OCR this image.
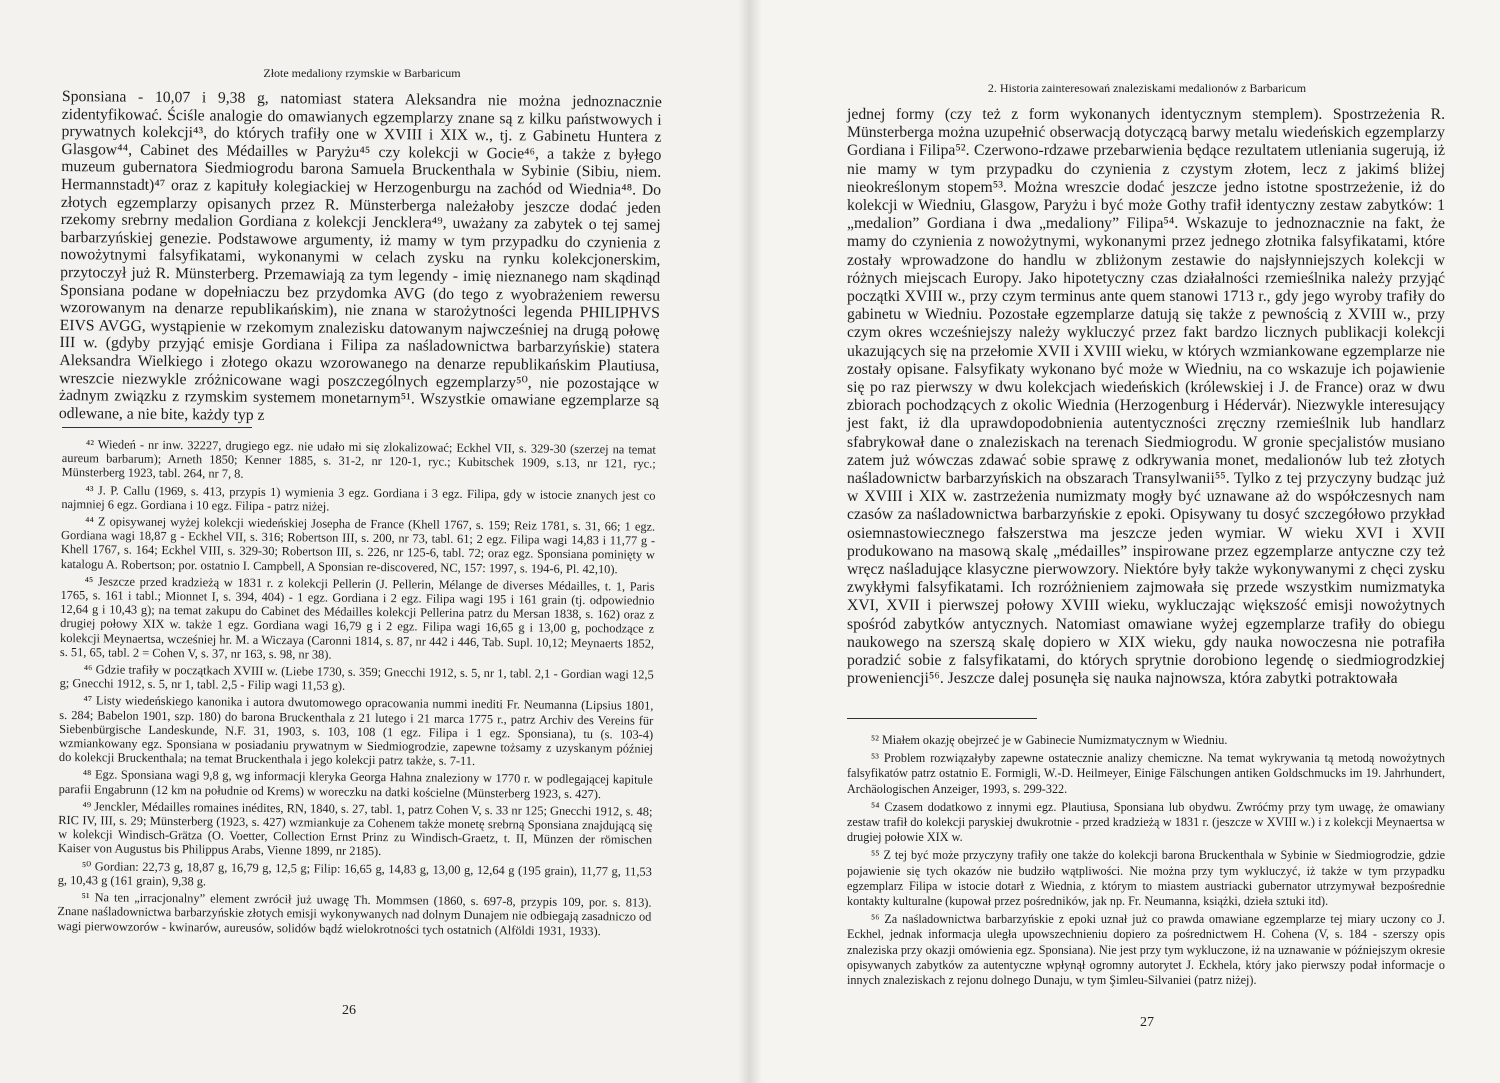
Złote medaliony rzymskie w Barbaricum

Sponsiana - 10,07 i 9,38 g, natomiast statera Aleksandra nie można jednoznacznie zidentyfikować. Ściśle analogie do omawianych egzemplarzy znane są z kilku państwowych i prywatnych kolekcji⁴³, do których trafiły one w XVIII i XIX w., tj. z Gabinetu Huntera z Glasgow⁴⁴, Cabinet des Médailles w Paryżu⁴⁵ czy kolekcji w Gocie⁴⁶, a także z byłego muzeum gubernatora Siedmiogrodu barona Samuela Bruckenthala w Sybinie (Sibiu, niem. Hermannstadt)⁴⁷ oraz z kapituły kolegiackiej w Herzogenburgu na zachód od Wiednia⁴⁸. Do złotych egzemplarzy opisanych przez R. Münsterberga należałoby jeszcze dodać jeden rzekomy srebrny medalion Gordiana z kolekcji Jencklera⁴⁹, uważany za zabytek o tej samej barbarzyńskiej genezie. Podstawowe argumenty, iż mamy w tym przypadku do czynienia z nowożytnymi falsyfikatami, wykonanymi w celach zysku na rynku kolekcjonerskim, przytoczył już R. Münsterberg. Przemawiają za tym legendy - imię nieznanego nam skądinąd Sponsiana podane w dopełniaczu bez przydomka AVG (do tego z wyobrażeniem rewersu wzorowanym na denarze republikańskim), nie znana w starożytności legenda PHILIPHVS EIVS AVGG, wystąpienie w rzekomym znalezisku datowanym najwcześniej na drugą połowę III w. (gdyby przyjąć emisje Gordiana i Filipa za naśladownictwa barbarzyńskie) statera Aleksandra Wielkiego i złotego okazu wzorowanego na denarze republikańskim Plautiusa, wreszcie niezwykle zróżnicowane wagi poszczególnych egzemplarzy⁵⁰, nie pozostające w żadnym związku z rzymskim systemem monetarnym⁵¹. Wszystkie omawiane egzemplarze są odlewane, a nie bite, każdy typ z

⁴² Wiedeń - nr inw. 32227, drugiego egz. nie udało mi się zlokalizować; Eckhel VII, s. 329-30 (szerzej na temat aureum barbarum); Arneth 1850; Kenner 1885, s. 31-2, nr 120-1, ryc.; Kubitschek 1909, s.13, nr 121, ryc.; Münsterberg 1923, tabl. 264, nr 7, 8.

⁴³ J. P. Callu (1969, s. 413, przypis 1) wymienia 3 egz. Gordiana i 3 egz. Filipa, gdy w istocie znanych jest co najmniej 6 egz. Gordiana i 10 egz. Filipa - patrz niżej.

⁴⁴ Z opisywanej wyżej kolekcji wiedeńskiej Josepha de France (Khell 1767, s. 159; Reiz 1781, s. 31, 66; 1 egz. Gordiana wagi 18,87 g - Eckhel VII, s. 316; Robertson III, s. 200, nr 73, tabl. 61; 2 egz. Filipa wagi 14,83 i 11,77 g - Khell 1767, s. 164; Eckhel VIII, s. 329-30; Robertson III, s. 226, nr 125-6, tabl. 72; oraz egz. Sponsiana pominięty w katalogu A. Robertson; por. ostatnio I. Campbell, A Sponsian re-discovered, NC, 157: 1997, s. 194-6, Pl. 42,10).

⁴⁵ Jeszcze przed kradzieżą w 1831 r. z kolekcji Pellerin (J. Pellerin, Mélange de diverses Médailles, t. 1, Paris 1765, s. 161 i tabl.; Mionnet I, s. 394, 404) - 1 egz. Gordiana i 2 egz. Filipa wagi 195 i 161 grain (tj. odpowiednio 12,64 g i 10,43 g); na temat zakupu do Cabinet des Médailles kolekcji Pellerina patrz du Mersan 1838, s. 162) oraz z drugiej połowy XIX w. także 1 egz. Gordiana wagi 16,79 g i 2 egz. Filipa wagi 16,65 g i 13,00 g, pochodzące z kolekcji Meynaertsa, wcześniej hr. M. a Wiczaya (Caronni 1814, s. 87, nr 442 i 446, Tab. Supl. 10,12; Meynaerts 1852, s. 51, 65, tabl. 2 = Cohen V, s. 37, nr 163, s. 98, nr 38).

⁴⁶ Gdzie trafiły w początkach XVIII w. (Liebe 1730, s. 359; Gnecchi 1912, s. 5, nr 1, tabl. 2,1 - Gordian wagi 12,5 g; Gnecchi 1912, s. 5, nr 1, tabl. 2,5 - Filip wagi 11,53 g).

⁴⁷ Listy wiedeńskiego kanonika i autora dwutomowego opracowania nummi inediti Fr. Neumanna (Lipsius 1801, s. 284; Babelon 1901, szp. 180) do barona Bruckenthala z 21 lutego i 21 marca 1775 r., patrz Archiv des Vereins für Siebenbürgische Landeskunde, N.F. 31, 1903, s. 103, 108 (1 egz. Filipa i 1 egz. Sponsiana), tu (s. 103-4) wzmiankowany egz. Sponsiana w posiadaniu prywatnym w Siedmiogrodzie, zapewne tożsamy z uzyskanym później do kolekcji Bruckenthala; na temat Bruckenthala i jego kolekcji patrz także, s. 7-11.

⁴⁸ Egz. Sponsiana wagi 9,8 g, wg informacji kleryka Georga Hahna znaleziony w 1770 r. w podlegającej kapitule parafii Engabrunn (12 km na południe od Krems) w woreczku na datki kościelne (Münsterberg 1923, s. 427).

⁴⁹ Jenckler, Médailles romaines inédites, RN, 1840, s. 27, tabl. 1, patrz Cohen V, s. 33 nr 125; Gnecchi 1912, s. 48; RIC IV, III, s. 29; Münsterberg (1923, s. 427) wzmiankuje za Cohenem także monetę srebrną Sponsiana znajdującą się w kolekcji Windisch-Grätza (O. Voetter, Collection Ernst Prinz zu Windisch-Graetz, t. II, Münzen der römischen Kaiser von Augustus bis Philippus Arabs, Vienne 1899, nr 2185).

⁵⁰ Gordian: 22,73 g, 18,87 g, 16,79 g, 12,5 g; Filip: 16,65 g, 14,83 g, 13,00 g, 12,64 g (195 grain), 11,77 g, 11,53 g, 10,43 g (161 grain), 9,38 g.

⁵¹ Na ten „irracjonalny” element zwrócił już uwagę Th. Mommsen (1860, s. 697-8, przypis 109, por. s. 813). Znane naśladownictwa barbarzyńskie złotych emisji wykonywanych nad dolnym Dunajem nie odbiegają zasadniczo od wagi pierwowzorów - kwinarów, aureusów, solidów bądź wielokrotności tych ostatnich (Alföldi 1931, 1933).

26
2. Historia zainteresowań znaleziskami medalionów z Barbaricum

jednej formy (czy też z form wykonanych identycznym stemplem). Spostrzeżenia R. Münsterberga można uzupełnić obserwacją dotyczącą barwy metalu wiedeńskich egzemplarzy Gordiana i Filipa⁵². Czerwono-rdzawe przebarwienia będące rezultatem utleniania sugerują, iż nie mamy w tym przypadku do czynienia z czystym złotem, lecz z jakimś bliżej nieokreślonym stopem⁵³. Można wreszcie dodać jeszcze jedno istotne spostrzeżenie, iż do kolekcji w Wiedniu, Glasgow, Paryżu i być może Gothy trafił identyczny zestaw zabytków: 1 „medalion” Gordiana i dwa „medaliony” Filipa⁵⁴. Wskazuje to jednoznacznie na fakt, że mamy do czynienia z nowożytnymi, wykonanymi przez jednego złotnika falsyfikatami, które zostały wprowadzone do handlu w zbliżonym zestawie do najsłynniejszych kolekcji w różnych miejscach Europy. Jako hipotetyczny czas działalności rzemieślnika należy przyjąć początki XVIII w., przy czym terminus ante quem stanowi 1713 r., gdy jego wyroby trafiły do gabinetu w Wiedniu. Pozostałe egzemplarze datują się także z pewnością z XVIII w., przy czym okres wcześniejszy należy wykluczyć przez fakt bardzo licznych publikacji kolekcji ukazujących się na przełomie XVII i XVIII wieku, w których wzmiankowane egzemplarze nie zostały opisane. Falsyfikaty wykonano być może w Wiedniu, na co wskazuje ich pojawienie się po raz pierwszy w dwu kolekcjach wiedeńskich (królewskiej i J. de France) oraz w dwu zbiorach pochodzących z okolic Wiednia (Herzogenburg i Hédervár). Niezwykle interesujący jest fakt, iż dla uprawdopodobnienia autentyczności zręczny rzemieślnik lub handlarz sfabrykował dane o znaleziskach na terenach Siedmiogrodu. W gronie specjalistów musiano zatem już wówczas zdawać sobie sprawę z odkrywania monet, medalionów lub też złotych naśladownictw barbarzyńskich na obszarach Transylwanii⁵⁵. Tylko z tej przyczyny budząc już w XVIII i XIX w. zastrzeżenia numizmaty mogły być uznawane aż do współczesnych nam czasów za naśladownictwa barbarzyńskie z epoki. Opisywany tu dosyć szczegółowo przykład osiemnastowiecznego fałszerstwa ma jeszcze jeden wymiar. W wieku XVI i XVII produkowano na masową skalę „médailles” inspirowane przez egzemplarze antyczne czy też wręcz naśladujące klasyczne pierwowzory. Niektóre były także wykonywanymi z chęci zysku zwykłymi falsyfikatami. Ich rozróżnieniem zajmowała się przede wszystkim numizmatyka XVI, XVII i pierwszej połowy XVIII wieku, wykluczając większość emisji nowożytnych spośród zabytków antycznych. Natomiast omawiane wyżej egzemplarze trafiły do obiegu naukowego na szerszą skalę dopiero w XIX wieku, gdy nauka nowoczesna nie potrafiła poradzić sobie z falsyfikatami, do których sprytnie dorobiono legendę o siedmiogrodzkiej proweniencji⁵⁶. Jeszcze dalej posunęła się nauka najnowsza, która zabytki potraktowała

⁵² Miałem okazję obejrzeć je w Gabinecie Numizmatycznym w Wiedniu.

⁵³ Problem rozwiązałyby zapewne ostatecznie analizy chemiczne. Na temat wykrywania tą metodą nowożytnych falsyfikatów patrz ostatnio E. Formigli, W.-D. Heilmeyer, Einige Fälschungen antiken Goldschmucks im 19. Jahrhundert, Archäologischen Anzeiger, 1993, s. 299-322.

⁵⁴ Czasem dodatkowo z innymi egz. Plautiusa, Sponsiana lub obydwu. Zwróćmy przy tym uwagę, że omawiany zestaw trafił do kolekcji paryskiej dwukrotnie - przed kradzieżą w 1831 r. (jeszcze w XVIII w.) i z kolekcji Meynaertsa w drugiej połowie XIX w.

⁵⁵ Z tej być może przyczyny trafiły one także do kolekcji barona Bruckenthala w Sybinie w Siedmiogrodzie, gdzie pojawienie się tych okazów nie budziło wątpliwości. Nie można przy tym wykluczyć, iż także w tym przypadku egzemplarz Filipa w istocie dotarł z Wiednia, z którym to miastem austriacki gubernator utrzymywał bezpośrednie kontakty kulturalne (kupował przez pośredników, jak np. Fr. Neumanna, książki, dzieła sztuki itd).

⁵⁶ Za naśladownictwa barbarzyńskie z epoki uznał już co prawda omawiane egzemplarze tej miary uczony co J. Eckhel, jednak informacja uległa upowszechnieniu dopiero za pośrednictwem H. Cohena (V, s. 184 - szerszy opis znaleziska przy okazji omówienia egz. Sponsiana). Nie jest przy tym wykluczone, iż na uznawanie w późniejszym okresie opisywanych zabytków za autentyczne wpłynął ogromny autorytet J. Eckhela, który jako pierwszy podał informacje o innych znaleziskach z rejonu dolnego Dunaju, w tym Şimleu-Silvaniei (patrz niżej).

27
